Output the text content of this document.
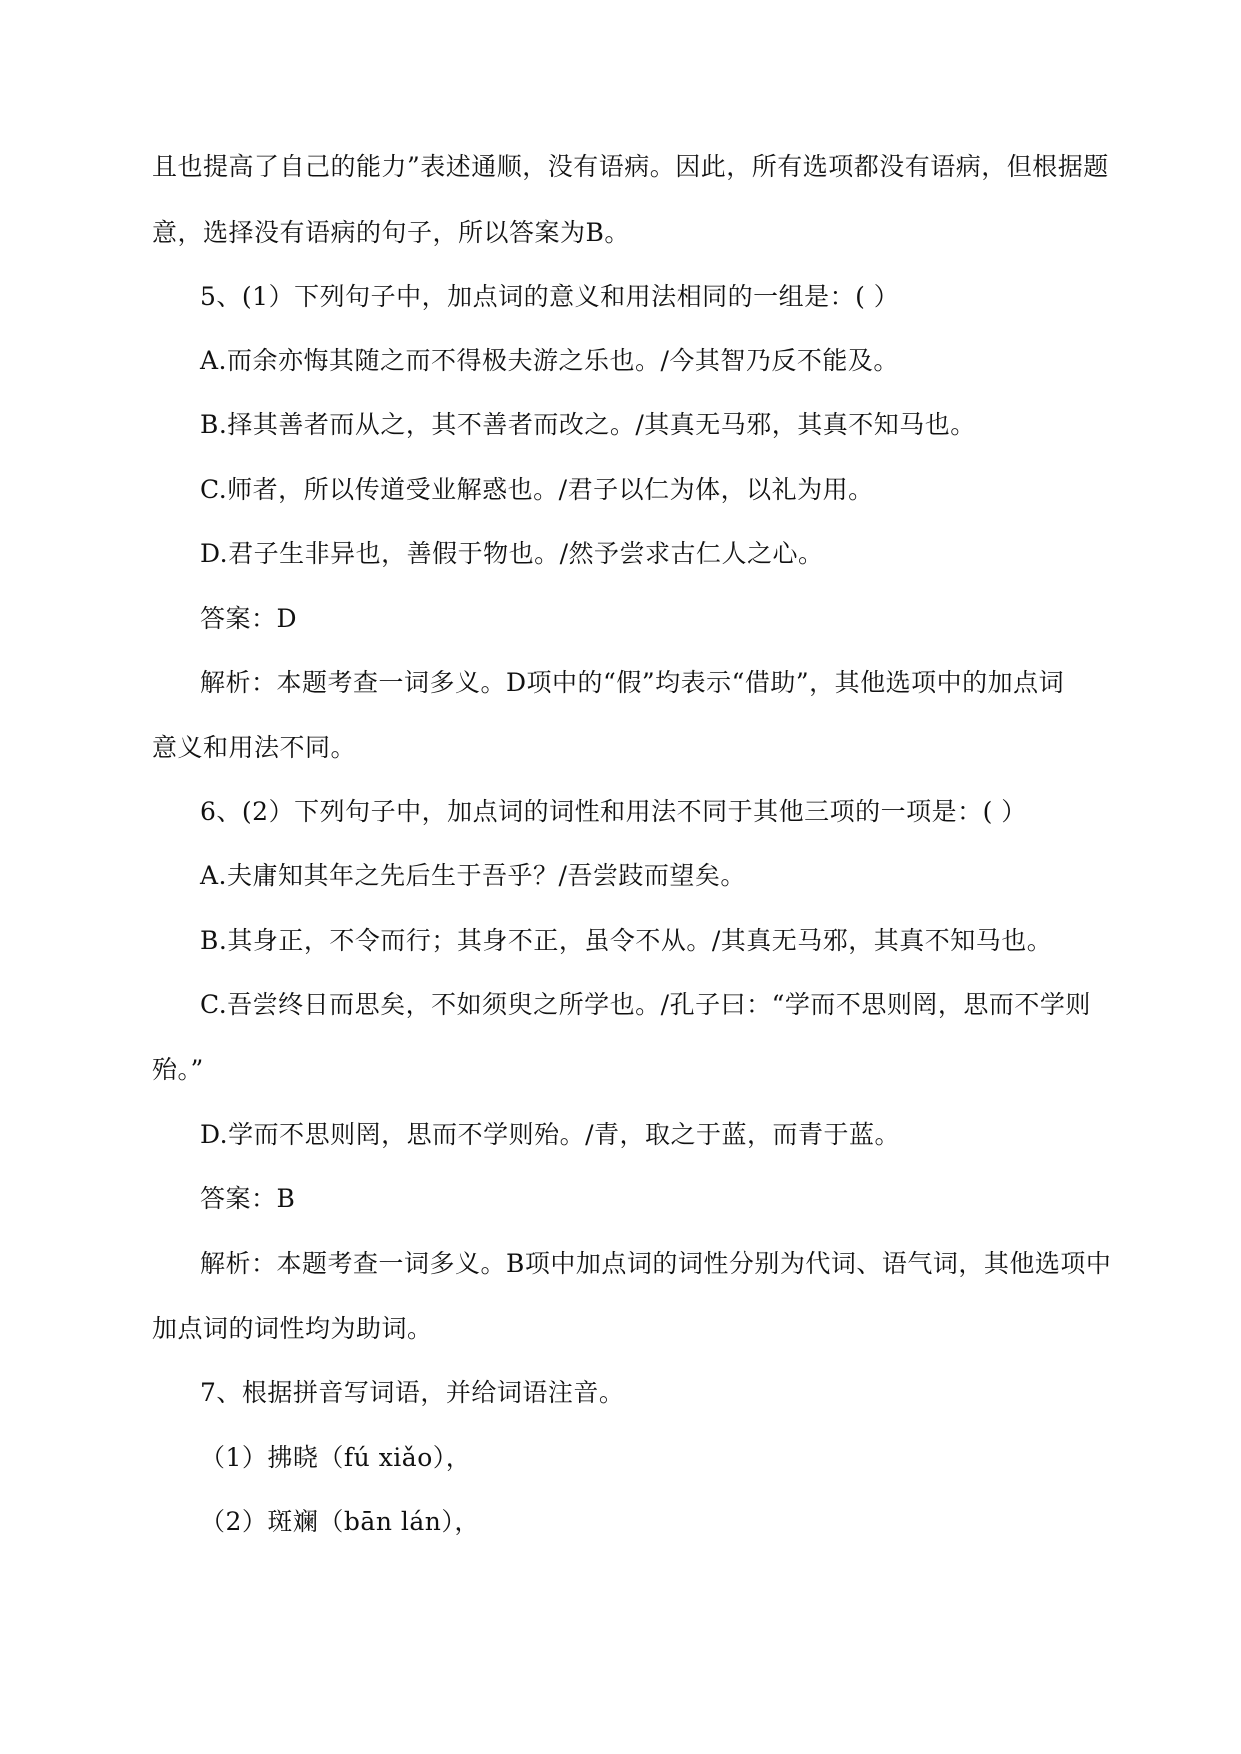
且也提高了自己的能力”表述通顺，没有语病。因此，所有选项都没有语病，但根据题
意，选择没有语病的句子，所以答案为B。
5、(1）下列句子中，加点词的意义和用法相同的一组是：( ）
A.而余亦悔其随之而不得极夫游之乐也。/今其智乃反不能及。
B.择其善者而从之，其不善者而改之。/其真无马邪，其真不知马也。
C.师者，所以传道受业解惑也。/君子以仁为体，以礼为用。
D.君子生非异也，善假于物也。/然予尝求古仁人之心。
答案：D
解析：本题考查一词多义。D项中的“假”均表示“借助”，其他选项中的加点词
意义和用法不同。
6、(2）下列句子中，加点词的词性和用法不同于其他三项的一项是：( ）
A.夫庸知其年之先后生于吾乎？/吾尝跂而望矣。
B.其身正，不令而行；其身不正，虽令不从。/其真无马邪，其真不知马也。
C.吾尝终日而思矣，不如须臾之所学也。/孔子曰：“学而不思则罔，思而不学则
殆。”
D.学而不思则罔，思而不学则殆。/青，取之于蓝，而青于蓝。
答案：B
解析：本题考查一词多义。B项中加点词的词性分别为代词、语气词，其他选项中
加点词的词性均为助词。
7、根据拼音写词语，并给词语注音。
（1）拂晓（fú xiǎo），
（2）斑斓（bān lán），
